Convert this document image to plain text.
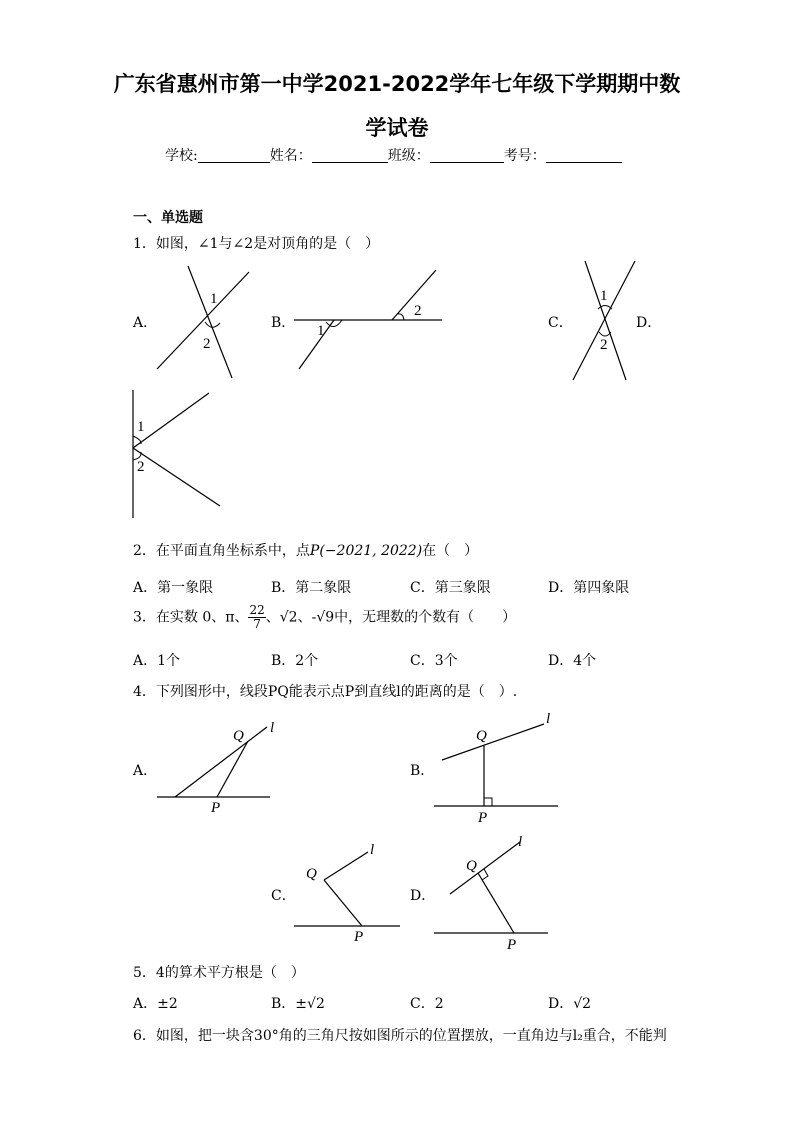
广东省惠州市第一中学2021-2022学年七年级下学期期中数
学试卷
学校:	姓名：	班级：	考号：
一、单选题
1．如图，∠1与∠2是对顶角的是（　）
A．	B．	C．	D．
1
2
1
2
1
2
1
2
2．在平面直角坐标系中，点P(−2021, 2022)在（　）
A．第一象限	B．第二象限	C．第三象限	D．第四象限
3．在实数 0、π、 $\frac{22}{7}$ 、√2、-√9中，无理数的个数有（　　）
A．1个	B．2个	C．3个	D．4个
4．下列图形中，线段PQ能表示点P到直线l的距离的是（　）.
A．	B．
C．	D．
Q
P
l	Q
P
l
Q
P
l
Q
P
l
5．4的算术平方根是（　）
A．±2	B．±√2	C．2	D．√2
6．如图，把一块含30°角的三角尺按如图所示的位置摆放，一直角边与l₂重合，不能判
